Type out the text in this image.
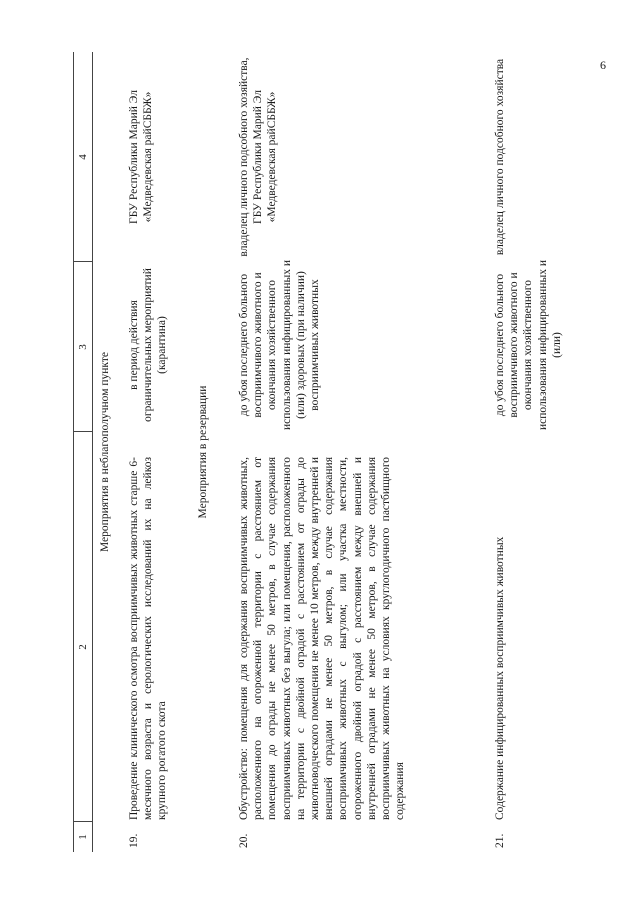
6
1
2
3
4
Мероприятия в неблагополучном пункте
19.
Проведение клинического осмотра восприимчивых животных старше 6-месячного возраста и серологических исследований их на лейкоз крупного рогатого скота
в период действия ограничительных мероприятий (карантина)
ГБУ Республики Марий Эл «Медведевская райСББЖ»
Мероприятия в резервации
20.
Обустройство: помещения для содержания восприимчивых животных, расположенного на огороженной территории с расстоянием от помещения до ограды не менее 50 метров, в случае содержания восприимчивых животных без выгула; или помещения, расположенного на территории с двойной оградой с расстоянием от ограды до животноводческого помещения не менее 10 метров, между внутренней и внешней оградами не менее 50 метров, в случае содержания восприимчивых животных с выгулом; или участка местности, огороженного двойной оградой с расстоянием между внешней и внутренней оградами не менее 50 метров, в случае содержания восприимчивых животных на условиях круглогодичного пастбищного содержания
до убоя последнего больного восприимчивого животного и окончания хозяйственного использования инфицированных и (или) здоровых (при наличии) восприимчивых животных
владелец личного подсобного хозяйства, ГБУ Республики Марий Эл «Медведевская райСББЖ»
21.
Содержание инфицированных восприимчивых животных
до убоя последнего больного восприимчивого животного и окончания хозяйственного использования инфицированных и (или)
владелец личного подсобного хозяйства
